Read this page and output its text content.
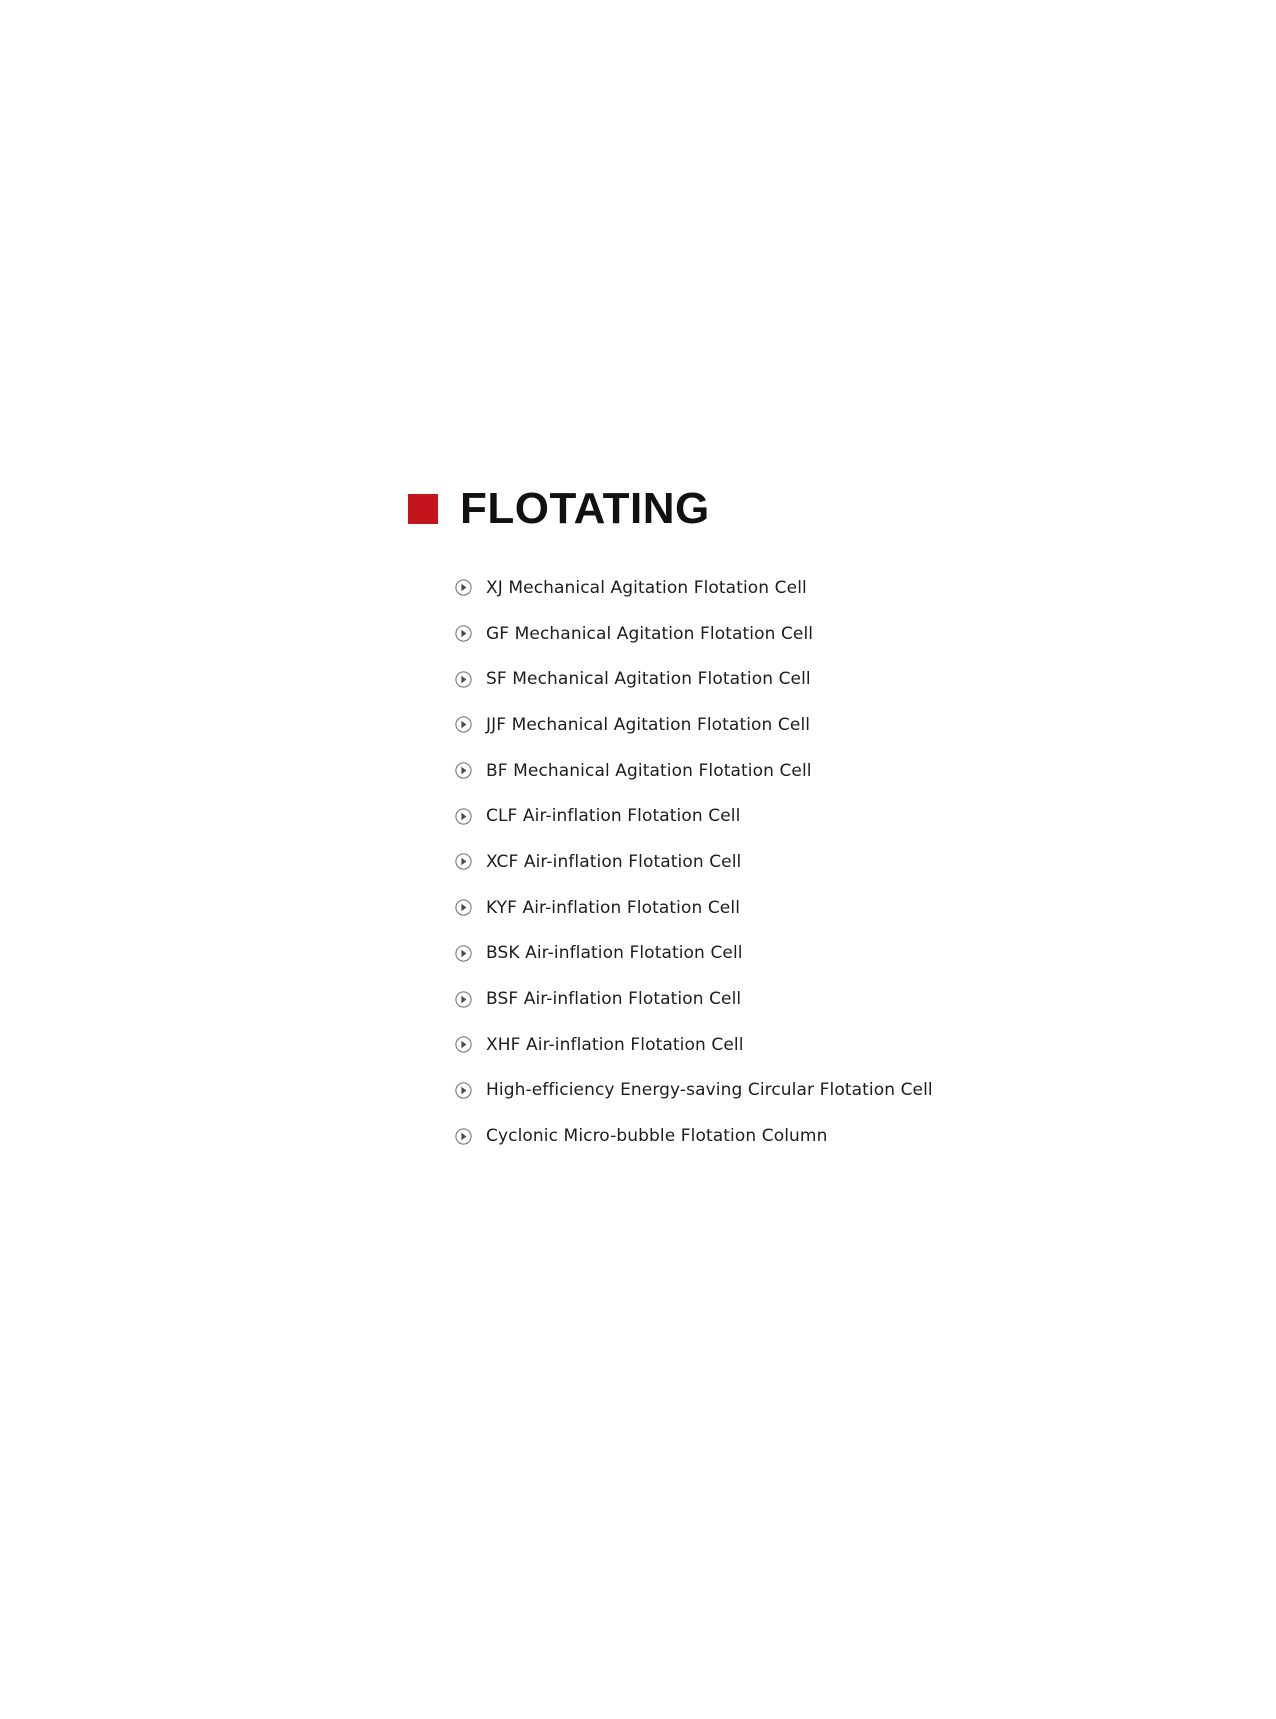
FLOTATING
XJ Mechanical Agitation Flotation Cell
GF Mechanical Agitation Flotation Cell
SF Mechanical Agitation Flotation Cell
JJF Mechanical Agitation Flotation Cell
BF Mechanical Agitation Flotation Cell
CLF Air-inflation Flotation Cell
XCF Air-inflation Flotation Cell
KYF Air-inflation Flotation Cell
BSK Air-inflation Flotation Cell
BSF Air-inflation Flotation Cell
XHF Air-inflation Flotation Cell
High-efficiency Energy-saving Circular Flotation Cell
Cyclonic Micro-bubble Flotation Column
